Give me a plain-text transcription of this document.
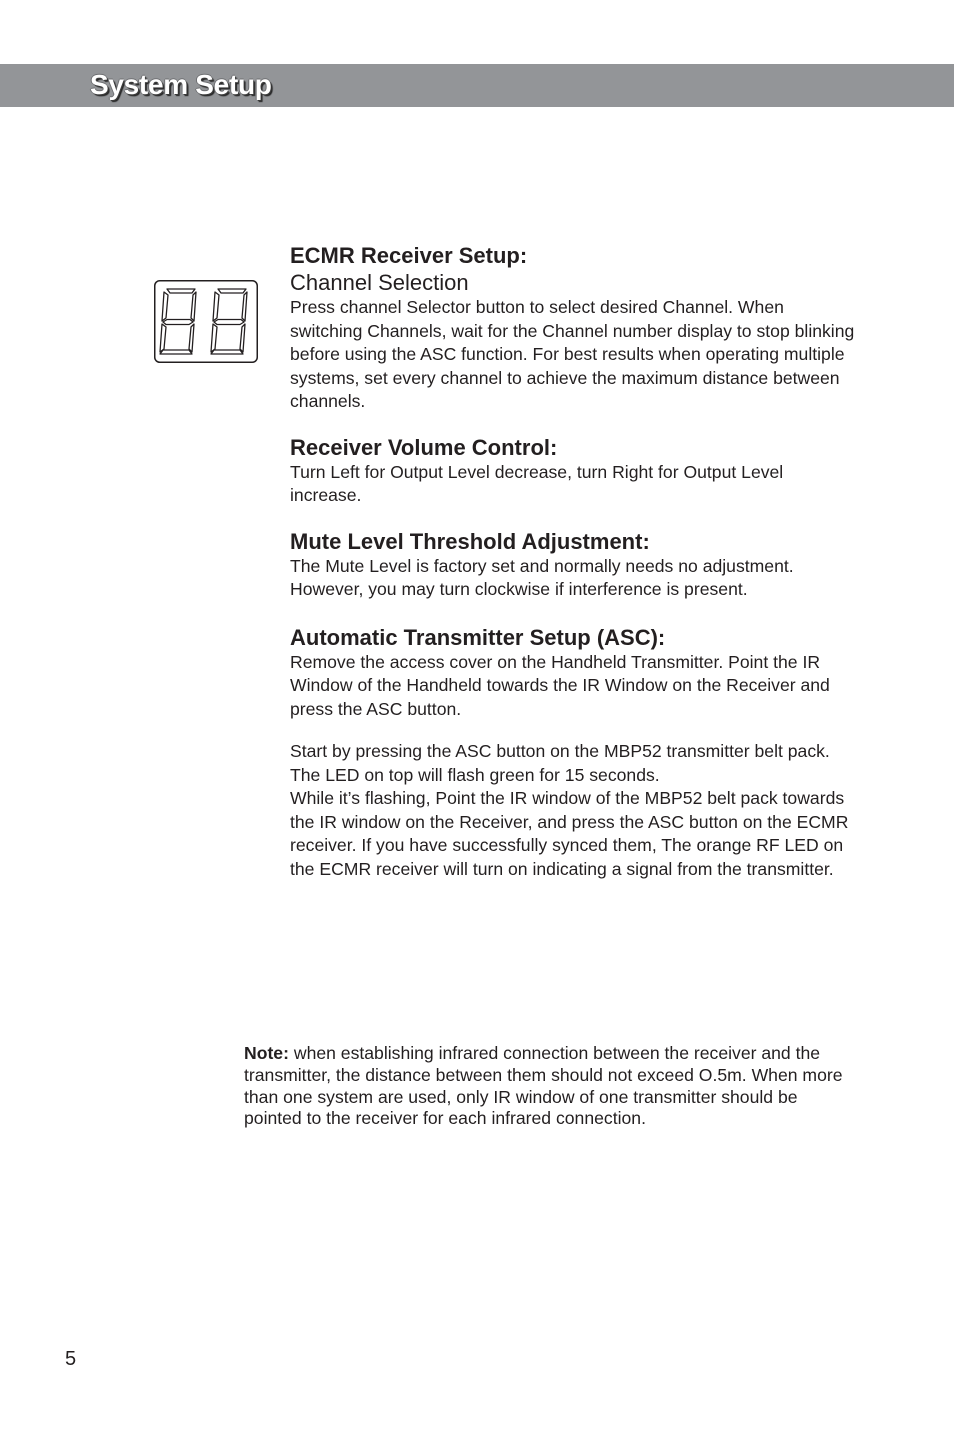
System Setup
ECMR Receiver Setup:
Channel Selection

Press channel Selector button to select desired Channel. When switching Channels, wait for the Channel number display to stop blinking before using the ASC function. For best results when operating multiple systems, set every channel to achieve the maximum distance between channels.

Receiver Volume Control:

Turn Left for Output Level decrease, turn Right for Output Level increase.

Mute Level Threshold Adjustment:

The Mute Level is factory set and normally needs no adjustment. However, you may turn clockwise if interference is present.

Automatic Transmitter Setup (ASC):

Remove the access cover on the Handheld Transmitter. Point the IR Window of the Handheld towards the IR Window on the Receiver and press the ASC button.

Start by pressing the ASC button on the MBP52 transmitter belt pack. The LED on top will flash green for 15 seconds.

While it’s flashing, Point the IR window of the MBP52 belt pack towards the IR window on the Receiver, and press the ASC button on the ECMR receiver. If you have successfully synced them, The orange RF LED on the ECMR receiver will turn on indicating a signal from the transmitter.

Note: when establishing infrared connection between the receiver and the transmitter, the distance between them should not exceed O.5m. When more than one system are used, only IR window of one transmitter should be pointed to the receiver for each infrared connection.

5
